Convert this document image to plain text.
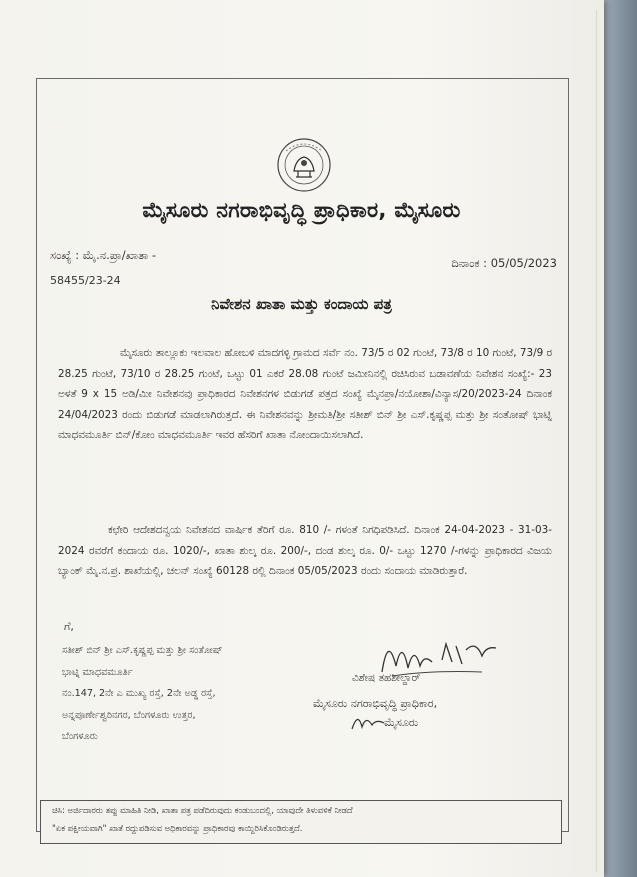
ಮೈಸೂರು ನಗರಾಭಿವೃದ್ಧಿ ಪ್ರಾಧಿಕಾರ, ಮೈಸೂರು
ಸಂಖ್ಯೆ : ಮೈ.ನ.ಪ್ರಾ/ಖಾತಾ -
58455/23-24
ದಿನಾಂಕ : 05/05/2023
ನಿವೇಶನ ಖಾತಾ ಮತ್ತು ಕಂದಾಯ ಪತ್ರ
ಮೈಸೂರು ತಾಲ್ಲೂಕು ಇಲವಾಲ ಹೋಬಳಿ ಮಾದಗಳ್ಳಿ ಗ್ರಾಮದ ಸರ್ವೆ ನಂ. 73/5 ರ 02 ಗುಂಟೆ, 73/8 ರ 10 ಗುಂಟೆ, 73/9 ರ 28.25 ಗುಂಟೆ, 73/10 ರ 28.25 ಗುಂಟೆ, ಒಟ್ಟು 01 ಎಕರೆ 28.08 ಗುಂಟೆ ಜಮೀನಿನಲ್ಲಿ ರಚಿಸಿರುವ ಬಡಾವಣೆಯ ನಿವೇಶನ ಸಂಖ್ಯೆ:- 23 ಅಳತೆ 9 x 15 ಅಡಿ/ಮೀ ನಿವೇಶನವು ಪ್ರಾಧಿಕಾರದ ನಿವೇಶನಗಳ ಬಿಡುಗಡೆ ಪತ್ರದ ಸಂಖ್ಯೆ ಮೈನಪ್ರಾ/ನಯೋಶಾ/ವಿನ್ಯಾಸ/20/2023-24 ದಿನಾಂಕ 24/04/2023 ರಂದು ಬಿಡುಗಡೆ ಮಾಡಲಾಗಿರುತ್ತದೆ. ಈ ನಿವೇಶನವನ್ನು ಶ್ರೀಮತಿ/ಶ್ರೀ ಸತೀಶ್ ಬಿನ್ ಶ್ರೀ ಎಸ್.ಕೃಷ್ಣಪ್ಪ ಮತ್ತು ಶ್ರೀ ಸಂತೋಷ್ ಭಾಟ್ನಿ ಮಾಧವಮೂರ್ತಿ ಬಿನ್/ಕೋಂ ಮಾಧವಮೂರ್ತಿ ಇವರ ಹೆಸರಿಗೆ ಖಾತಾ ನೋಂದಾಯಿಸಲಾಗಿದೆ.
ಕಛೇರಿ ಆದೇಶದನ್ವಯ ನಿವೇಶನದ ವಾರ್ಷಿಕ ತೆರಿಗೆ ರೂ. 810 /- ಗಳಂತೆ ನಿಗಧಿಪಡಿಸಿದೆ. ದಿನಾಂಕ 24-04-2023 - 31-03-2024 ರವರೆಗೆ ಕಂದಾಯ ರೂ. 1020/-, ಖಾತಾ ಶುಲ್ಕ ರೂ. 200/-, ದಂಡ ಶುಲ್ಕ ರೂ. 0/- ಒಟ್ಟು 1270 /-ಗಳನ್ನು ಪ್ರಾಧಿಕಾರದ ವಿಜಯ ಬ್ಯಾಂಕ್ ಮೈ.ನ.ಪ್ರ. ಶಾಖೆಯಲ್ಲಿ, ಚಲನ್ ಸಂಖ್ಯೆ 60128 ರಲ್ಲಿ ದಿನಾಂಕ 05/05/2023 ರಂದು ಸಂದಾಯ ಮಾಡಿರುತ್ತಾರೆ.
ಗೆ,
ಸತೀಶ್ ಬಿನ್ ಶ್ರೀ ಎಸ್.ಕೃಷ್ಣಪ್ಪ ಮತ್ತು ಶ್ರೀ ಸಂತೋಷ್
ಭಾಟ್ನಿ ಮಾಧವಮೂರ್ತಿ
ನಂ.147, 2ನೇ ಎ ಮುಖ್ಯ ರಸ್ತೆ, 2ನೇ ಅಡ್ಡ ರಸ್ತೆ,
ಅನ್ನಪೂರ್ಣೇಶ್ವರಿನಗರ, ಬೆಂಗಳೂರು ಉತ್ತರ,
ಬೆಂಗಳೂರು
ವಿಶೇಷ ತಹಶೀಲ್ದಾರ್
ಮೈಸೂರು ನಗರಾಭಿವೃದ್ಧಿ ಪ್ರಾಧಿಕಾರ,
ಮೈಸೂರು
ಚಿಸಿ: ಅರ್ಜಿದಾರರು ತಪ್ಪು ಮಾಹಿತಿ ನೀಡಿ, ಖಾತಾ ಪತ್ರ ಪಡೆದಿರುವುದು ಕಂಡುಬಂದಲ್ಲಿ, ಯಾವುದೇ ತಿಳುವಳಿಕೆ ನೀಡದೆ
"ಏಕ ಪಕ್ಷೀಯವಾಗಿ" ಖಾತೆ ರದ್ದುಪಡಿಸುವ ಅಧಿಕಾರವನ್ನು ಪ್ರಾಧಿಕಾರವು ಕಾಯ್ದಿರಿಸಿಕೊಂಡಿರುತ್ತದೆ.
